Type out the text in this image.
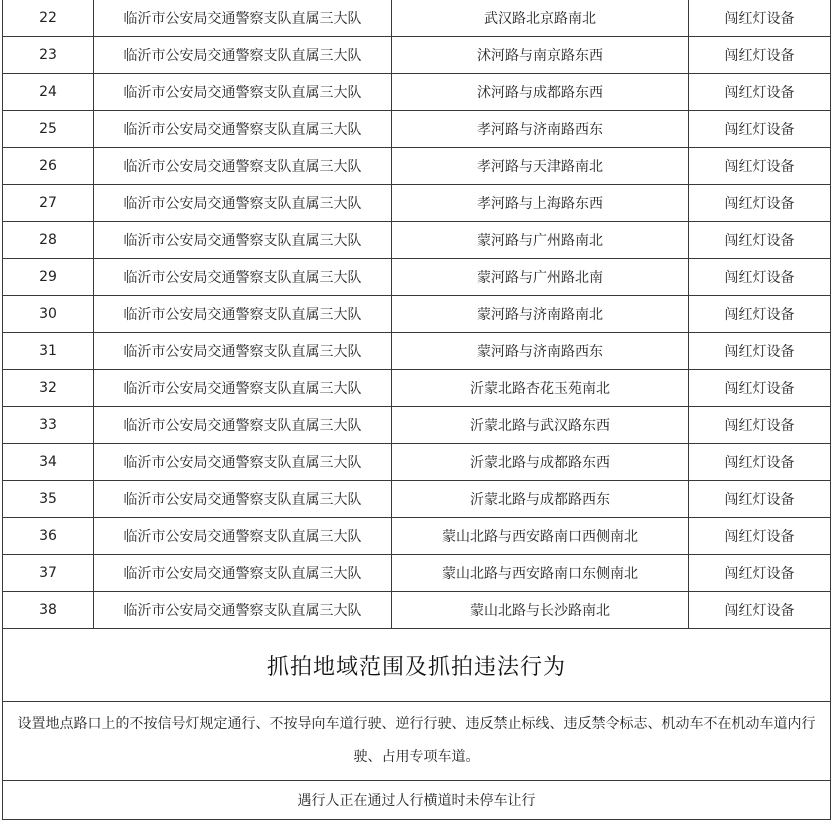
22	临沂市公安局交通警察支队直属三大队	武汉路北京路南北	闯红灯设备
23	临沂市公安局交通警察支队直属三大队	沭河路与南京路东西	闯红灯设备
24	临沂市公安局交通警察支队直属三大队	沭河路与成都路东西	闯红灯设备
25	临沂市公安局交通警察支队直属三大队	孝河路与济南路西东	闯红灯设备
26	临沂市公安局交通警察支队直属三大队	孝河路与天津路南北	闯红灯设备
27	临沂市公安局交通警察支队直属三大队	孝河路与上海路东西	闯红灯设备
28	临沂市公安局交通警察支队直属三大队	蒙河路与广州路南北	闯红灯设备
29	临沂市公安局交通警察支队直属三大队	蒙河路与广州路北南	闯红灯设备
30	临沂市公安局交通警察支队直属三大队	蒙河路与济南路南北	闯红灯设备
31	临沂市公安局交通警察支队直属三大队	蒙河路与济南路西东	闯红灯设备
32	临沂市公安局交通警察支队直属三大队	沂蒙北路杏花玉苑南北	闯红灯设备
33	临沂市公安局交通警察支队直属三大队	沂蒙北路与武汉路东西	闯红灯设备
34	临沂市公安局交通警察支队直属三大队	沂蒙北路与成都路东西	闯红灯设备
35	临沂市公安局交通警察支队直属三大队	沂蒙北路与成都路西东	闯红灯设备
36	临沂市公安局交通警察支队直属三大队	蒙山北路与西安路南口西侧南北	闯红灯设备
37	临沂市公安局交通警察支队直属三大队	蒙山北路与西安路南口东侧南北	闯红灯设备
38	临沂市公安局交通警察支队直属三大队	蒙山北路与长沙路南北	闯红灯设备
抓拍地域范围及抓拍违法行为			
设置地点路口上的不按信号灯规定通行、不按导向车道行驶、逆行行驶、违反禁止标线、违反禁令标志、机动车不在机动车道内行驶、占用专项车道。			
遇行人正在通过人行横道时未停车让行			
